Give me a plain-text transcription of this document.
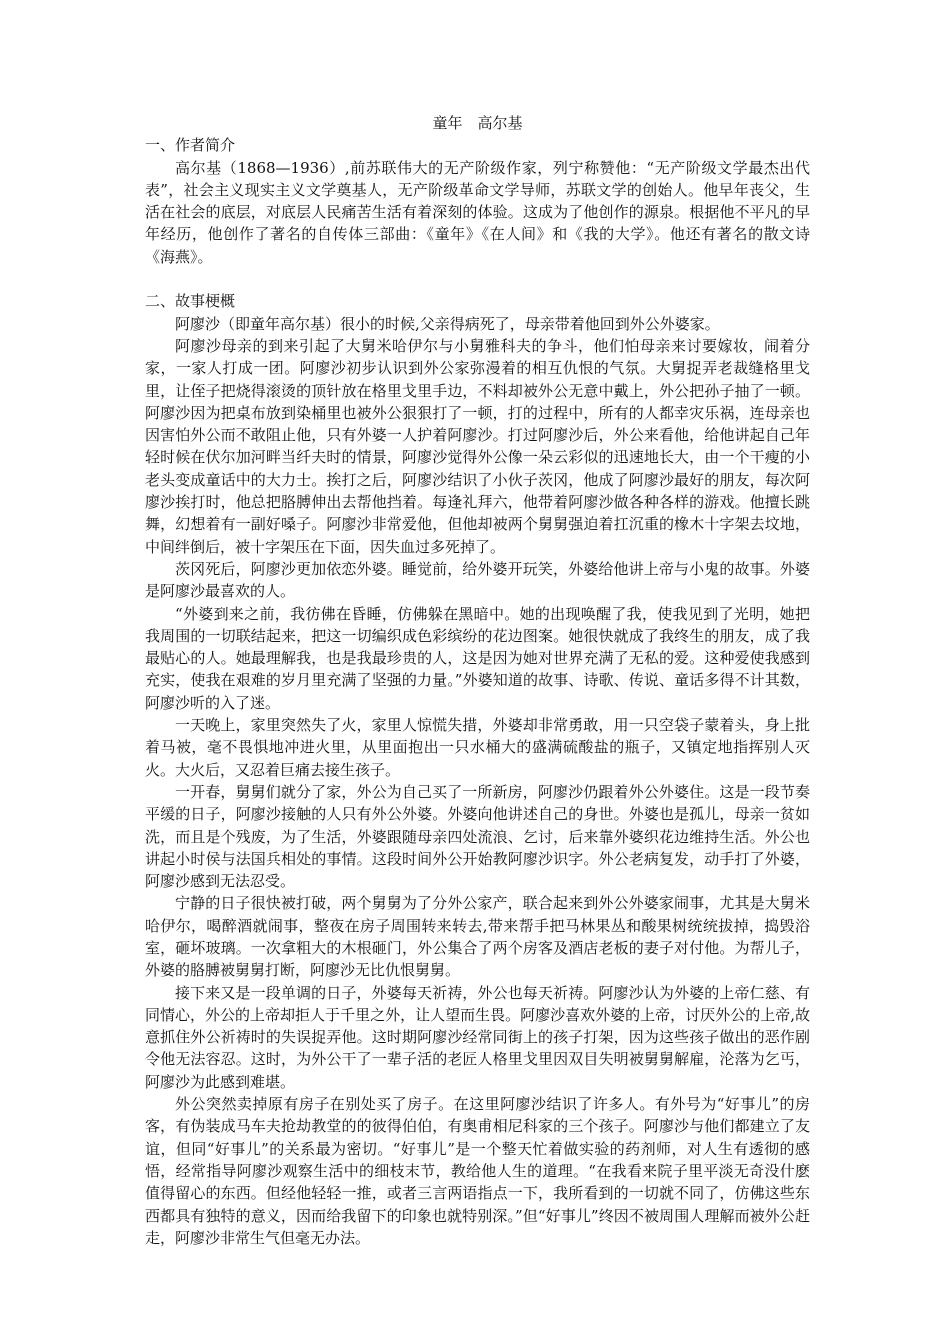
童年　高尔基
一、作者简介
高尔基（1868—1936）,前苏联伟大的无产阶级作家，列宁称赞他：“无产阶级文学最杰出代表”，社会主义现实主义文学奠基人，无产阶级革命文学导师，苏联文学的创始人。他早年丧父，生活在社会的底层，对底层人民痛苦生活有着深刻的体验。这成为了他创作的源泉。根据他不平凡的早年经历，他创作了著名的自传体三部曲：《童年》《在人间》和《我的大学》。他还有著名的散文诗《海燕》。
二、故事梗概
阿廖沙（即童年高尔基）很小的时候,父亲得病死了，母亲带着他回到外公外婆家。
阿廖沙母亲的到来引起了大舅米哈伊尔与小舅雅科夫的争斗，他们怕母亲来讨要嫁妆，闹着分家，一家人打成一团。阿廖沙初步认识到外公家弥漫着的相互仇恨的气氛。大舅捉弄老裁缝格里戈里，让侄子把烧得滚烫的顶针放在格里戈里手边，不料却被外公无意中戴上，外公把孙子抽了一顿。阿廖沙因为把桌布放到染桶里也被外公狠狠打了一顿，打的过程中，所有的人都幸灾乐祸，连母亲也因害怕外公而不敢阻止他，只有外婆一人护着阿廖沙。打过阿廖沙后，外公来看他，给他讲起自己年轻时候在伏尔加河畔当纤夫时的情景，阿廖沙觉得外公像一朵云彩似的迅速地长大，由一个干瘦的小老头变成童话中的大力士。挨打之后，阿廖沙结识了小伙子茨冈，他成了阿廖沙最好的朋友，每次阿廖沙挨打时，他总把胳膊伸出去帮他挡着。每逢礼拜六，他带着阿廖沙做各种各样的游戏。他擅长跳舞，幻想着有一副好嗓子。阿廖沙非常爱他，但他却被两个舅舅强迫着扛沉重的橡木十字架去坟地，中间绊倒后，被十字架压在下面，因失血过多死掉了。
茨冈死后，阿廖沙更加依恋外婆。睡觉前，给外婆开玩笑，外婆给他讲上帝与小鬼的故事。外婆是阿廖沙最喜欢的人。
“外婆到来之前，我彷佛在昏睡，仿佛躲在黑暗中。她的出现唤醒了我，使我见到了光明，她把我周围的一切联结起来，把这一切编织成色彩缤纷的花边图案。她很快就成了我终生的朋友，成了我最贴心的人。她最理解我，也是我最珍贵的人，这是因为她对世界充满了无私的爱。这种爱使我感到充实，使我在艰难的岁月里充满了坚强的力量。”外婆知道的故事、诗歌、传说、童话多得不计其数，阿廖沙听的入了迷。
一天晚上，家里突然失了火，家里人惊慌失措，外婆却非常勇敢，用一只空袋子蒙着头，身上批着马被，毫不畏惧地冲进火里，从里面抱出一只水桶大的盛满硫酸盐的瓶子，又镇定地指挥别人灭火。大火后，又忍着巨痛去接生孩子。
一开春，舅舅们就分了家，外公为自己买了一所新房，阿廖沙仍跟着外公外婆住。这是一段节奏平缓的日子，阿廖沙接触的人只有外公外婆。外婆向他讲述自己的身世。外婆也是孤儿，母亲一贫如洗，而且是个残废，为了生活，外婆跟随母亲四处流浪、乞讨，后来靠外婆织花边维持生活。外公也讲起小时侯与法国兵相处的事情。这段时间外公开始教阿廖沙识字。外公老病复发，动手打了外婆，阿廖沙感到无法忍受。
宁静的日子很快被打破，两个舅舅为了分外公家产，联合起来到外公外婆家闹事，尤其是大舅米哈伊尔，喝醉酒就闹事，整夜在房子周围转来转去,带来帮手把马林果丛和酸果树统统拔掉，捣毁浴室，砸坏玻璃。一次拿粗大的木根砸门，外公集合了两个房客及酒店老板的妻子对付他。为帮儿子，外婆的胳膊被舅舅打断，阿廖沙无比仇恨舅舅。
接下来又是一段单调的日子，外婆每天祈祷，外公也每天祈祷。阿廖沙认为外婆的上帝仁慈、有同情心，外公的上帝却拒人于千里之外，让人望而生畏。阿廖沙喜欢外婆的上帝，讨厌外公的上帝,故意抓住外公祈祷时的失误捉弄他。这时期阿廖沙经常同街上的孩子打架，因为这些孩子做出的恶作剧令他无法容忍。这时，为外公干了一辈子活的老匠人格里戈里因双目失明被舅舅解雇，沦落为乞丐，阿廖沙为此感到难堪。
外公突然卖掉原有房子在别处买了房子。在这里阿廖沙结识了许多人。有外号为“好事儿”的房客，有伪装成马车夫抢劫教堂的的彼得伯伯，有奥甫相尼科家的三个孩子。阿廖沙与他们都建立了友谊，但同“好事儿”的关系最为密切。“好事儿”是一个整天忙着做实验的药剂师，对人生有透彻的感悟，经常指导阿廖沙观察生活中的细枝末节，教给他人生的道理。“在我看来院子里平淡无奇没什麽值得留心的东西。但经他轻轻一推，或者三言两语指点一下，我所看到的一切就不同了，仿佛这些东西都具有独特的意义，因而给我留下的印象也就特别深。”但“好事儿”终因不被周围人理解而被外公赶走，阿廖沙非常生气但毫无办法。
